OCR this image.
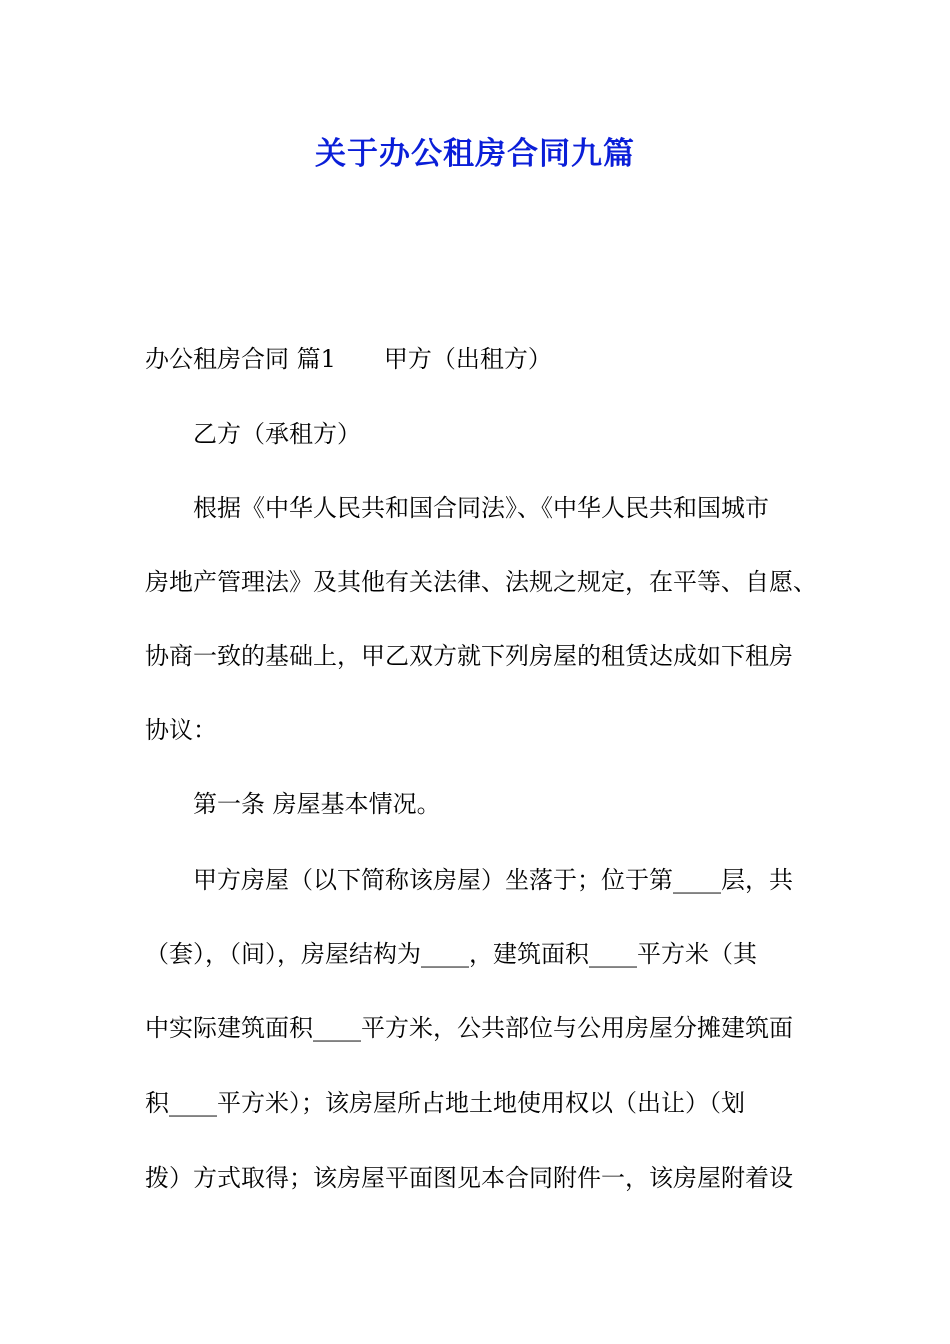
关于办公租房合同九篇
办公租房合同 篇1　　甲方（出租方）
乙方（承租方）
根据《中华人民共和国合同法》、《中华人民共和国城市
房地产管理法》及其他有关法律、法规之规定，在平等、自愿、
协商一致的基础上，甲乙双方就下列房屋的租赁达成如下租房
协议：
第一条 房屋基本情况。
甲方房屋（以下简称该房屋）坐落于；位于第____层，共
（套），（间），房屋结构为____，建筑面积____平方米（其
中实际建筑面积____平方米，公共部位与公用房屋分摊建筑面
积____平方米）；该房屋所占地土地使用权以（出让）（划
拨）方式取得；该房屋平面图见本合同附件一，该房屋附着设
